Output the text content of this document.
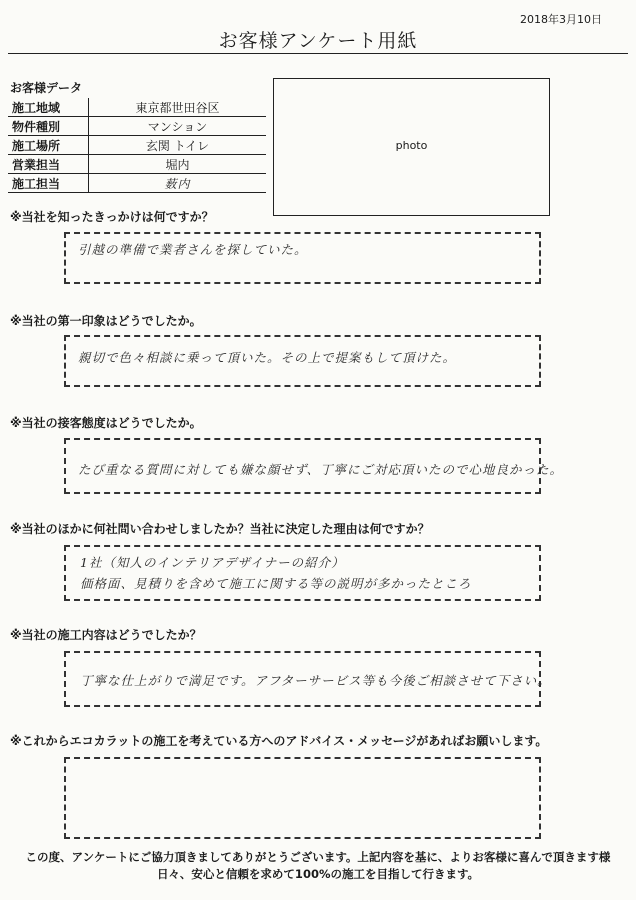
2018年3月10日
お客様アンケート用紙
お客様データ
施工地域	東京都世田谷区
物件種別	マンション
施工場所	玄関 トイレ
営業担当	堀内
施工担当	薮内
photo
※当社を知ったきっかけは何ですか？
引越の準備で業者さんを探していた。
※当社の第一印象はどうでしたか。
親切で色々相談に乗って頂いた。その上で提案もして頂けた。
※当社の接客態度はどうでしたか。
たび重なる質問に対しても嫌な顔せず、丁寧にご対応頂いたので心地良かった。
※当社のほかに何社問い合わせしましたか？当社に決定した理由は何ですか？
1社（知人のインテリアデザイナーの紹介）
価格面、見積りを含めて施工に関する等の説明が多かったところ
※当社の施工内容はどうでしたか？
丁寧な仕上がりで満足です。アフターサービス等も今後ご相談させて下さい。
※これからエコカラットの施工を考えている方へのアドバイス・メッセージがあればお願いします。
この度、アンケートにご協力頂きましてありがとうございます。上記内容を基に、よりお客様に喜んで頂きます様
日々、安心と信頼を求めて100%の施工を目指して行きます。
